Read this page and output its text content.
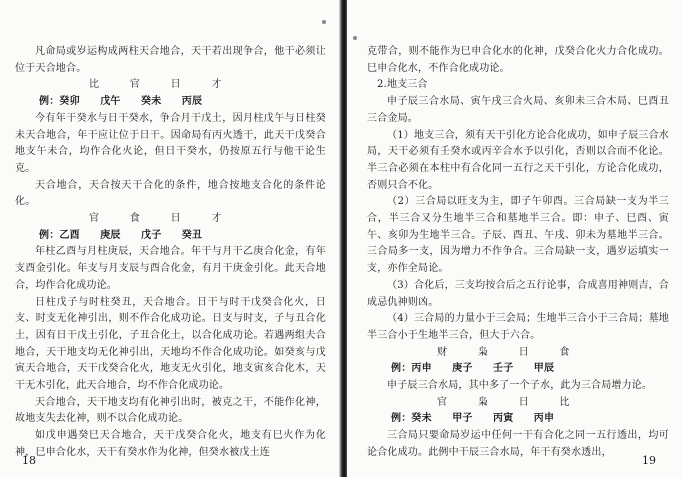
凡命局或岁运构成两柱天合地合，天干若出现争合，他干必须让位于天合地合。

比　　　官　　　日　　　才

例：癸卯　　戊午　　癸未　　丙辰

今有年干癸水与日干癸水，争合月干戊土，因月柱戊午与日柱癸未天合地合，年干应让位于日干。因命局有丙火透干，此天干戊癸合地支午未合，均作合化火论，但日干癸水，仍按原五行与他干论生克。

天合地合，天合按天干合化的条件，地合按地支合化的条件论化。

官　　　食　　　日　　　才

例：乙酉　　庚辰　　戊子　　癸丑

年柱乙酉与月柱庚辰，天合地合。年干与月干乙庚合化金，有年支酉金引化。年支与月支辰与酉合化金，有月干庚金引化。此天合地合，均作合化成功论。

日柱戊子与时柱癸丑，天合地合。日干与时干戊癸合化火，日支、时支无化神引出，则不作合化成功论。日支与时支，子与丑合化土，因有日干戊土引化，子丑合化土，以合化成功论。若遇两组夫合地合，天干地支均无化神引出，天地均不作合化成功论。如癸亥与戊寅天合地合，天干戊癸合化火，地支无火引化，地支寅亥合化木，天干无木引化，此天合地合，均不作合化成功论。

天合地合，天干地支均有化神引出时，被克之干，不能作化神，故地支失去化神，则不以合化成功论。

如戊申遇癸巳天合地合，天干戊癸合化火，地支有巳火作为化神，巳申合化水，天干有癸水作为化神，但癸水被戊土连

18

克带合，则不能作为巳申合化水的化神，戊癸合化火力合化成功。巳申合化水，不作合化成功论。

2.地支三合

申子辰三合水局、寅午戌三合火局、亥卯未三合木局、巳酉丑三合金局。

（1）地支三合，须有天干引化方论合化成功，如申子辰三合水局，天干必须有壬癸水或丙辛合水予以引化，否则以合而不化论。半三合必须在本柱中有合化同一五行之天干引化，方论合化成功，否则只合不化。

（2）三合局以旺支为主，即子午卯酉。三合局缺一支为半三合，半三合又分生地半三合和墓地半三合。即：申子、巳酉、寅午、亥卯为生地半三合。子辰、酉丑、午戌、卯未为墓地半三合。三合局多一支，因为增力不作争合。三合局缺一支，遇岁运填实一支，亦作全局论。

（3）合化后，三支均按合后之五行论事，合成喜用神则吉，合成忌仇神则凶。

（4）三合局的力量小于三会局；生地半三合小于三合局；墓地半三合小于生地半三合，但大于六合。

财　　　枭　　　日　　　食

例：丙申　　庚子　　壬子　　甲辰

申子辰三合水局，其中多了一个子水，此为三合局增力论。

官　　　枭　　　日　　　比

例：癸未　　甲子　　丙寅　　丙申

三合局只要命局岁运中任何一干有合化之同一五行透出，均可论合化成功。此例中干辰三合水局，年干有癸水透出，

19
